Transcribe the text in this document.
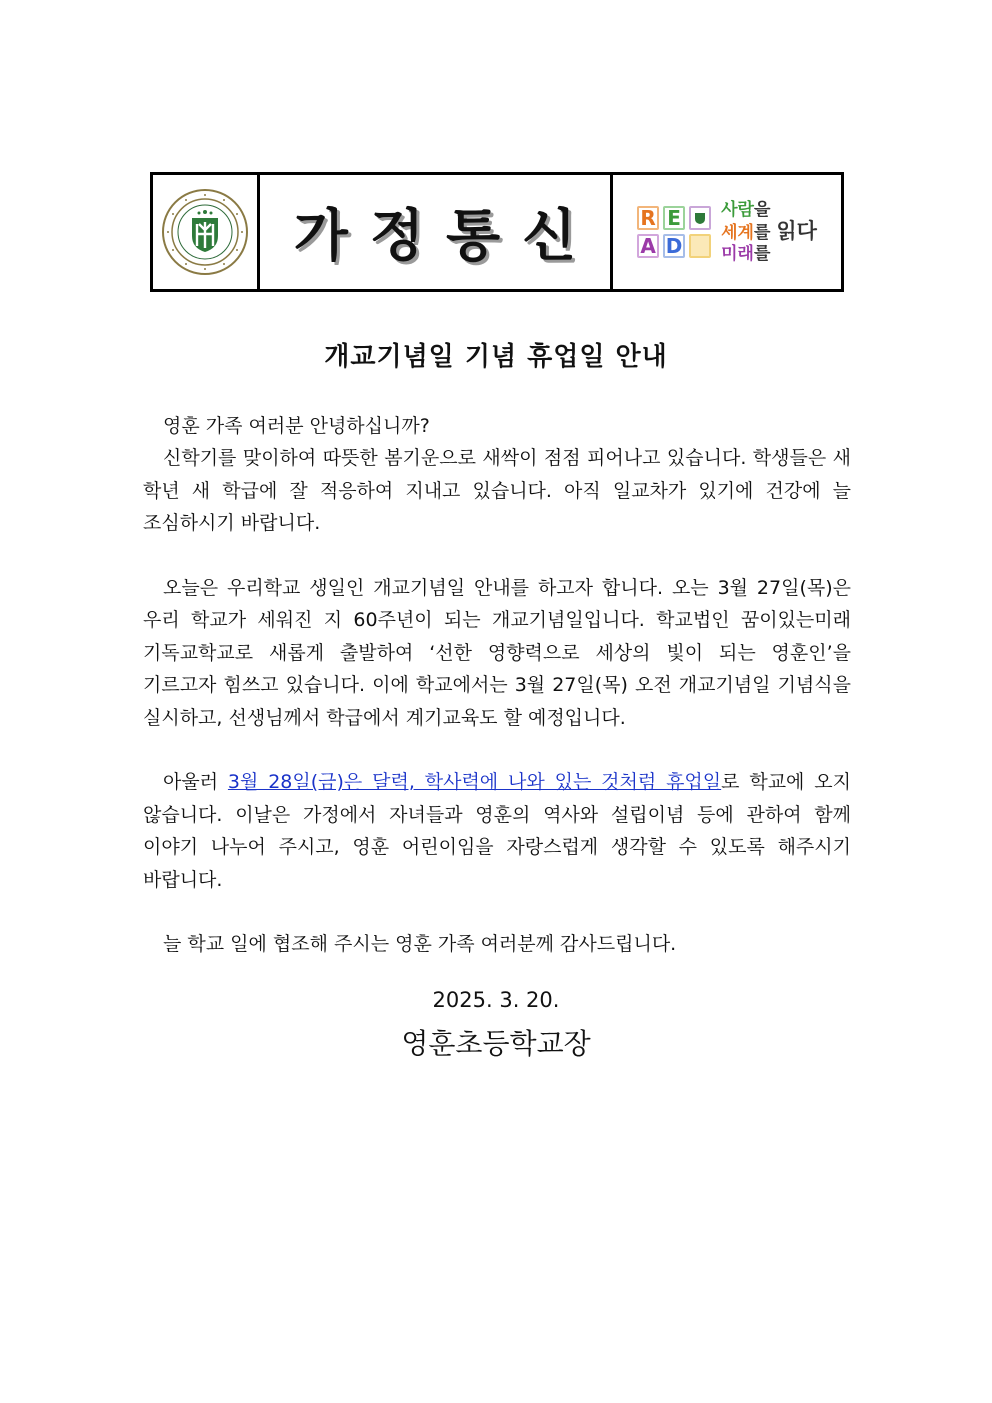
가정통신 R E
A D
사람을
세계를 읽다
미래를
개교기념일 기념 휴업일 안내

영훈 가족 여러분 안녕하십니까?

신학기를 맞이하여 따뜻한 봄기운으로 새싹이 점점 피어나고 있습니다. 학생들은 새 학년 새 학급에 잘 적응하여 지내고 있습니다. 아직 일교차가 있기에 건강에 늘 조심하시기 바랍니다.

오늘은 우리학교 생일인 개교기념일 안내를 하고자 합니다. 오는 3월 27일(목)은 우리 학교가 세워진 지 60주년이 되는 개교기념일입니다. 학교법인 꿈이있는미래 기독교학교로 새롭게 출발하여 ‘선한 영향력으로 세상의 빛이 되는 영훈인’을 기르고자 힘쓰고 있습니다. 이에 학교에서는 3월 27일(목) 오전 개교기념일 기념식을 실시하고, 선생님께서 학급에서 계기교육도 할 예정입니다.

아울러 3월 28일(금)은 달력, 학사력에 나와 있는 것처럼 휴업일로 학교에 오지 않습니다. 이날은 가정에서 자녀들과 영훈의 역사와 설립이념 등에 관하여 함께 이야기 나누어 주시고, 영훈 어린이임을 자랑스럽게 생각할 수 있도록 해주시기 바랍니다.

늘 학교 일에 협조해 주시는 영훈 가족 여러분께 감사드립니다.

2025. 3. 20.
영훈초등학교장
